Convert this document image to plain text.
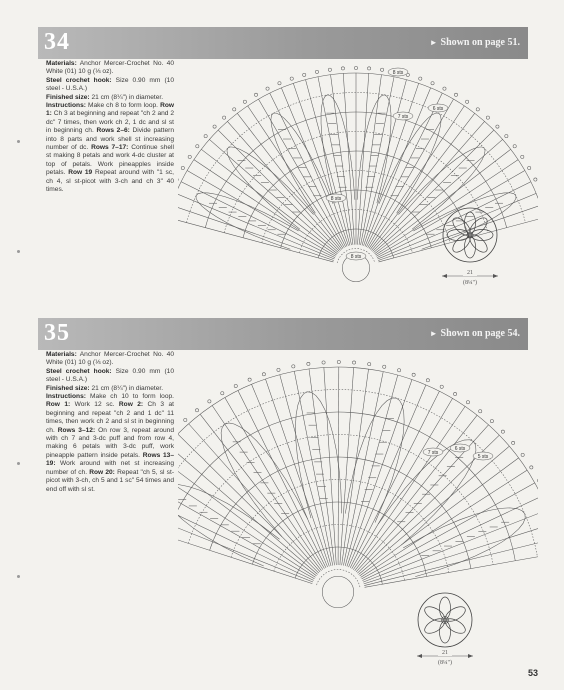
34	► Shown on page 51.

Materials: Anchor Mercer-Crochet No. 40 White (01) 10 g (⅓ oz).

Steel crochet hook: Size 0.90 mm (10 steel - U.S.A.)

Finished size: 21 cm (8¼") in diameter.

Instructions: Make ch 8 to form loop. Row 1: Ch 3 at beginning and repeat "ch 2 and 2 dc" 7 times, then work ch 2, 1 dc and sl st in beginning ch. Rows 2–6: Divide pattern into 8 parts and work shell st increasing number of dc. Rows 7–17: Continue shell st making 8 petals and work 4-dc cluster at top of petals. Work pineapples inside petals. Row 19 Repeat around with "1 sc, ch 4, sl st-picot with 3-ch and ch 3" 40 times.

8 sts
7 sts
6 sts
8 sts
8 sts
21
(8¼")
35	► Shown on page 54.

Materials: Anchor Mercer-Crochet No. 40 White (01) 10 g (⅓ oz).

Steel crochet hook: Size 0.90 mm (10 steel - U.S.A.)

Finished size: 21 cm (8¼") in diameter.

Instructions: Make ch 10 to form loop. Row 1: Work 12 sc. Row 2: Ch 3 at beginning and repeat "ch 2 and 1 dc" 11 times, then work ch 2 and sl st in beginning ch. Rows 3–12: On row 3, repeat around with ch 7 and 3-dc puff and from row 4, making 6 petals with 3-dc puff, work pineapple pattern inside petals. Rows 13–19: Work around with net st increasing number of ch. Row 20: Repeat "ch 5, sl st-picot with 3-ch, ch 5 and 1 sc" 54 times and end off with sl st.

7 sts
6 sts
5 sts
21
(8¼")
53
